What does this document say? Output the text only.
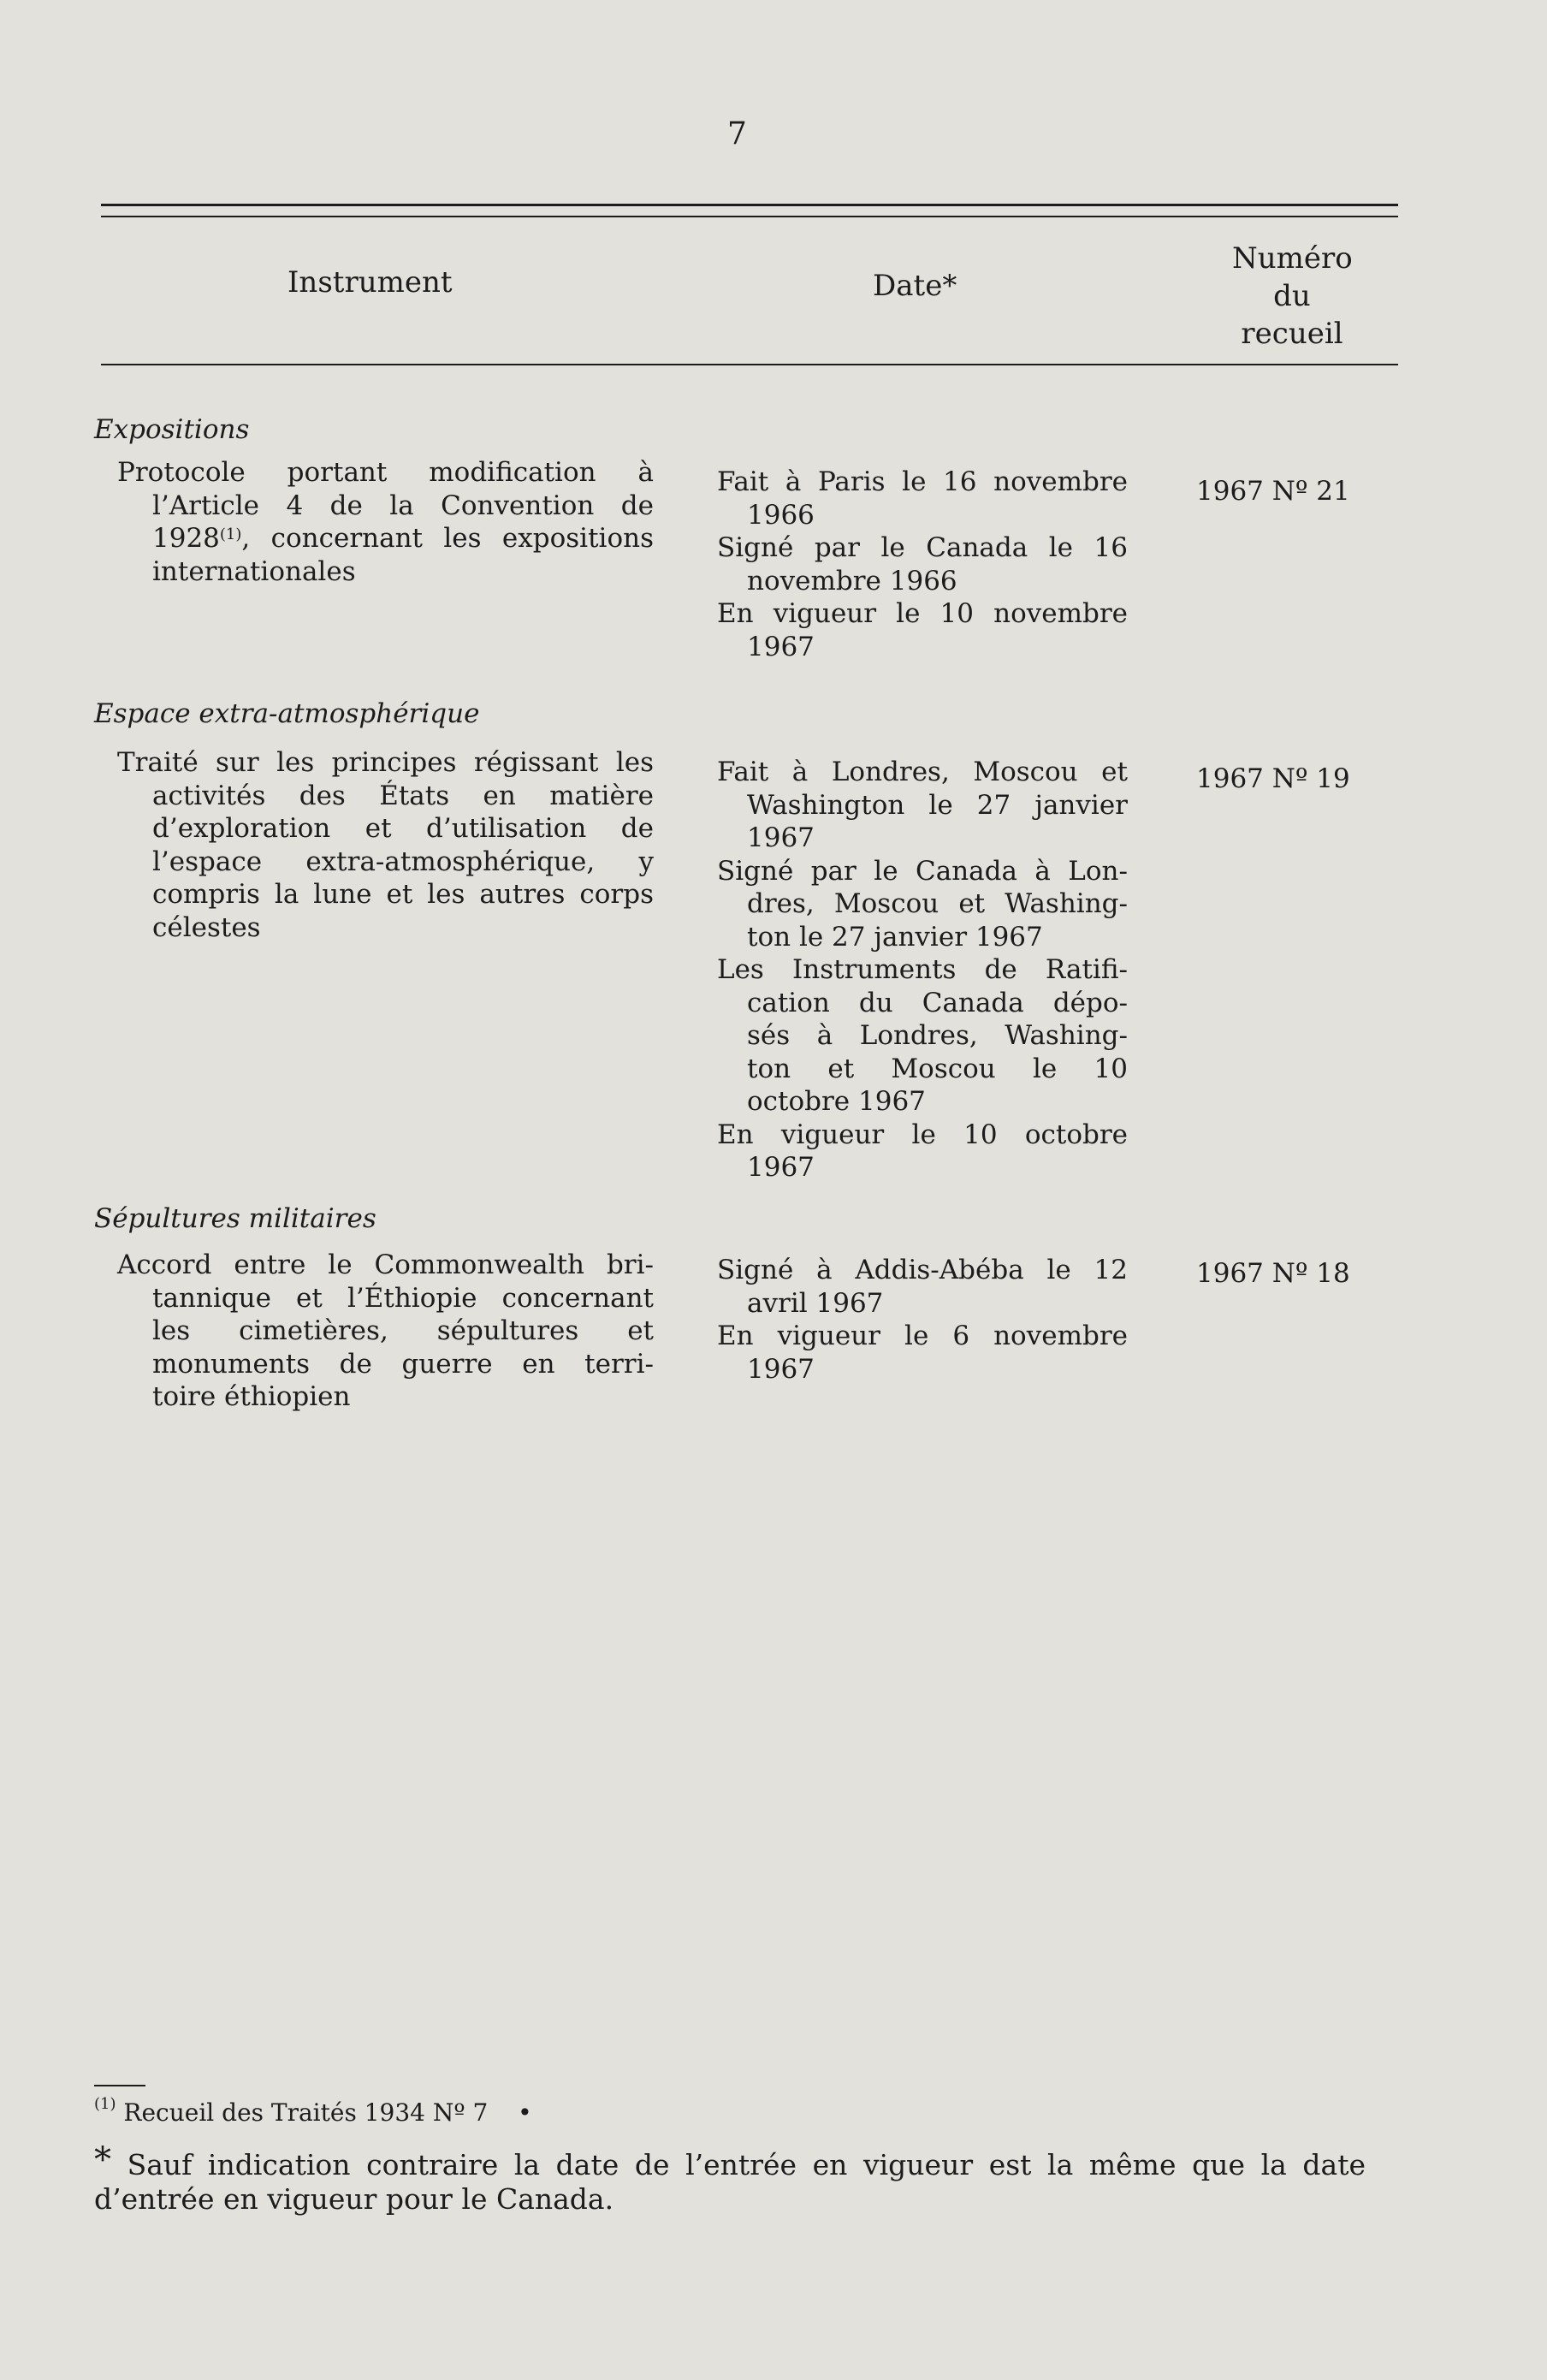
7
Instrument	Date*
Numéro
du
recueil
Expositions
Protocole portant modification à
l’Article 4 de la Convention de
1928$^{(1)}$, concernant les expositions
internationales
Fait à Paris le 16 novembre
1966
Signé par le Canada le 16
novembre 1966
En vigueur le 10 novembre
1967
1967 Nº 21
Espace extra-atmosphérique
Traité sur les principes régissant les
activités des États en matière
d’exploration et d’utilisation de
l’espace extra-atmosphérique, y
compris la lune et les autres corps
célestes
Fait à Londres, Moscou et
Washington le 27 janvier
1967
Signé par le Canada à Lon-
dres, Moscou et Washing-
ton le 27 janvier 1967
Les Instruments de Ratifi-
cation du Canada dépo-
sés à Londres, Washing-
ton et Moscou le 10
octobre 1967
En vigueur le 10 octobre
1967
1967 Nº 19
Sépultures militaires
Accord entre le Commonwealth bri-
tannique et l’Éthiopie concernant
les cimetières, sépultures et
monuments de guerre en terri-
toire éthiopien
Signé à Addis-Abéba le 12
avril 1967
En vigueur le 6 novembre
1967
1967 Nº 18
$^{(1)}$ Recueil des Traités 1934 Nº 7 •
* Sauf indication contraire la date de l’entrée en vigueur est la même que la date
d’entrée en vigueur pour le Canada.
